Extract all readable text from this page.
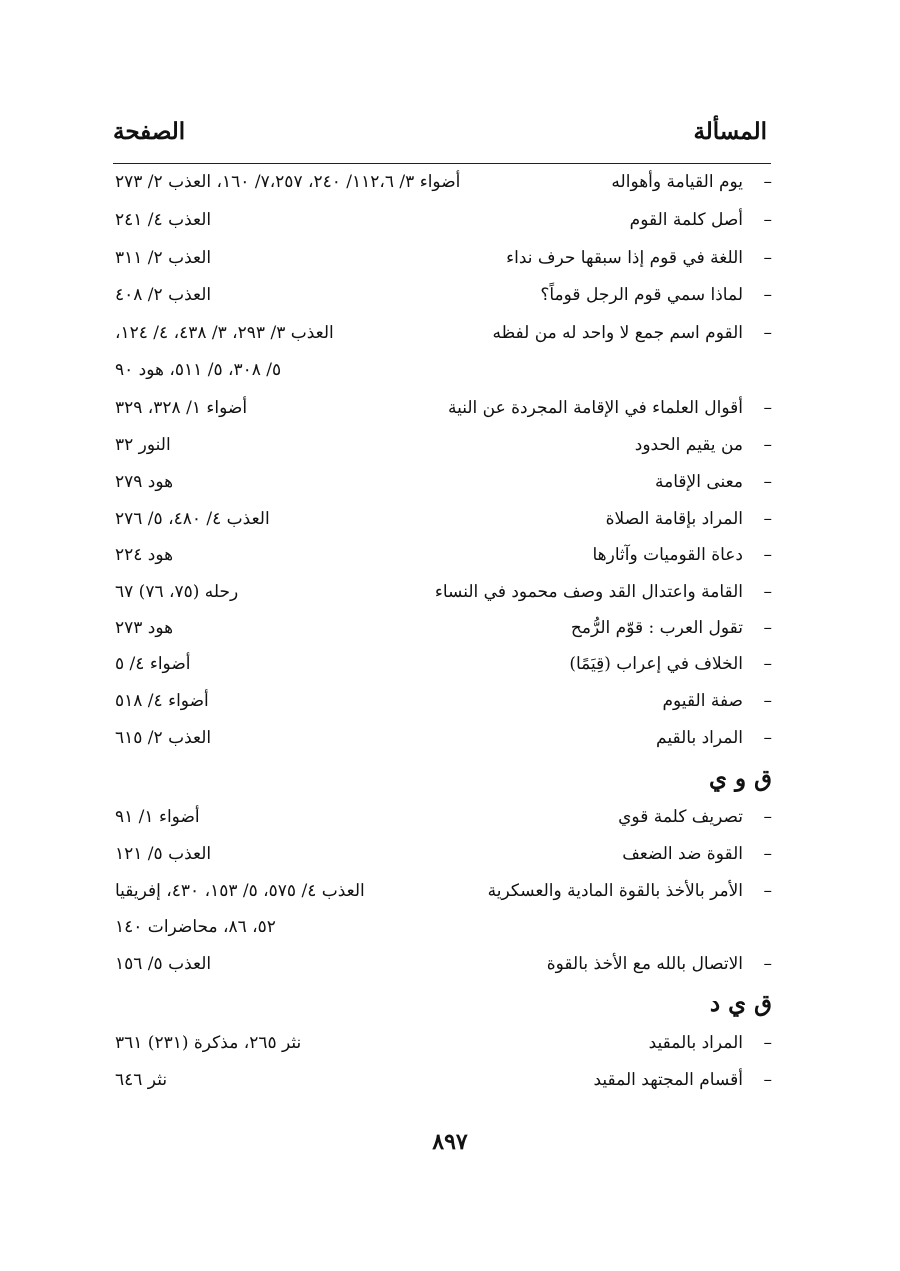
المسألة
الصفحة
–
يوم القيامة وأهواله
أضواء ٣/ ١١٢،٦/ ٢٤٠، ٧،٢٥٧/ ١٦٠، العذب ٢/ ٢٧٣
–
أصل كلمة القوم
العذب ٤/ ٢٤١
–
اللغة في قوم إذا سبقها حرف نداء
العذب ٢/ ٣١١
–
لماذا سمي قوم الرجل قوماً؟
العذب ٢/ ٤٠٨
–
القوم اسم جمع لا واحد له من لفظه
العذب ٣/ ٢٩٣، ٣/ ٤٣٨، ٤/ ١٢٤،
٥/ ٣٠٨، ٥/ ٥١١، هود ٩٠
–
أقوال العلماء في الإقامة المجردة عن النية
أضواء ١/ ٣٢٨، ٣٢٩
–
من يقيم الحدود
النور ٣٢
–
معنى الإقامة
هود ٢٧٩
–
المراد بإقامة الصلاة
العذب ٤/ ٤٨٠، ٥/ ٢٧٦
–
دعاة القوميات وآثارها
هود ٢٢٤
–
القامة واعتدال القد وصف محمود في النساء
رحله (٧٥، ٧٦) ٦٧
–
تقول العرب : قوّم الرُّمح
هود ٢٧٣
–
الخلاف في إعراب (قِيَمًا)
أضواء ٤/ ٥
–
صفة القيوم
أضواء ٤/ ٥١٨
–
المراد بالقيم
العذب ٢/ ٦١٥
ق و ي
–
تصريف كلمة قوي
أضواء ١/ ٩١
–
القوة ضد الضعف
العذب ٥/ ١٢١
–
الأمر بالأخذ بالقوة المادية والعسكرية
العذب ٤/ ٥٧٥، ٥/ ١٥٣، ٤٣٠، إفريقيا
٥٢، ٨٦، محاضرات ١٤٠
–
الاتصال بالله مع الأخذ بالقوة
العذب ٥/ ١٥٦
ق ي د
–
المراد بالمقيد
نثر ٢٦٥، مذكرة (٢٣١) ٣٦١
–
أقسام المجتهد المقيد
نثر ٦٤٦
٨٩٧
